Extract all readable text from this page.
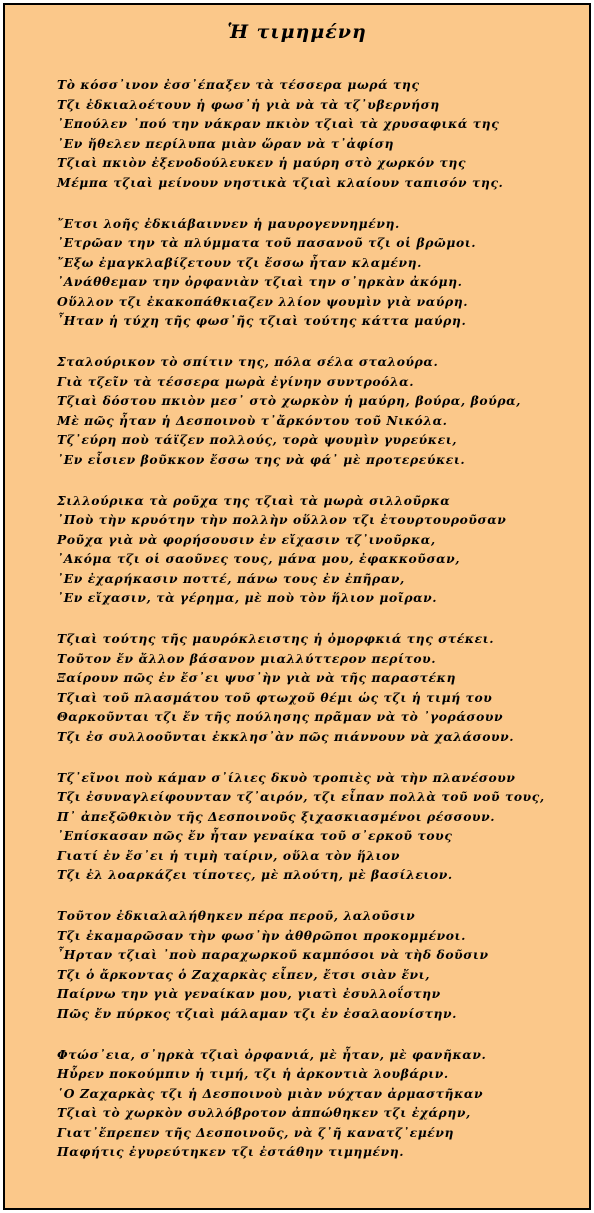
Ἡ τιμημένη
Τὸ κόσσ᾽ινον ἐσσ᾽έπαξεν τὰ τέσσερα μωρά της
Τζι ἐδκιαλοέτουν ἡ φωσ᾽ἡ γιὰ νὰ τὰ τζ᾽υβερνήση
᾽Επούλεν ᾽πού την νάκραν πκιὸν τζιαὶ τὰ χρυσαφικά της
᾽Εν ἤθελεν περίλυπα μιὰν ὥραν νὰ τ᾽ἀφίση
Τζιαὶ πκιὸν ἐξενοδούλευκεν ἡ μαύρη στὸ χωρκόν της
Μέμπα τζιαὶ μείνουν νηστικὰ τζιαὶ κλαίουν ταπισόν της.
῎Ετσι λοῆς ἐδκιάβαιννεν ἡ μαυρογεννημένη.
᾽Ετρῶαν την τὰ πλύμματα τοῦ πασανοῦ τζι οἱ βρῶμοι.
῎Εξω ἐμαγκλαβίζετουν τζι ἔσσω ἦταν κλαμένη.
᾽Ανάθθεμαν την ὀρφανιὰν τζιαὶ την σ᾽ηρκὰν ἀκόμη.
Οὕλλον τζι ἐκακοπάθκιαζεν λλίον ψουμὶν γιὰ ναύρη.
῏Ηταν ἡ τύχη τῆς φωσ᾽ῆς τζιαὶ τούτης κάττα μαύρη.
Σταλούρικον τὸ σπίτιν της, πόλα σέλα σταλούρα.
Γιὰ τζεῖν τὰ τέσσερα μωρὰ ἐγίνην συντροόλα.
Τζιαὶ δόστου πκιὸν μεσ᾽ στὸ χωρκὸν ἡ μαύρη, βούρα, βούρα,
Μὲ πῶς ἦταν ἡ Δεσποινοὺ τ᾽ἄρκόντου τοῦ Νικόλα.
Τζ᾽εύρη ποὺ τάϊζεν πολλούς, τορὰ ψουμὶν γυρεύκει,
᾽Εν εἶσιεν βοῦκκον ἔσσω της νὰ φά᾽ μὲ προτερεύκει.
Σιλλούρικα τὰ ροῦχα της τζιαὶ τὰ μωρὰ σιλλοῦρκα
᾽Ποὺ τὴν κρυότην τὴν πολλὴν οὕλλον τζι ἐτουρτουροῦσαν
Ροῦχα γιὰ νὰ φορήσουσιν ἐν εἴχασιν τζ᾽ινοῦρκα,
᾽Ακόμα τζι οἱ σαοῦνες τους, μάνα μου, ἐφακκοῦσαν,
᾽Εν ἐχαρήκασιν ποττέ, πάνω τους ἐν ἐπῆραν,
᾽Εν εἴχασιν, τὰ γέρημα, μὲ ποὺ τὸν ἥλιον μοῖραν.
Τζιαὶ τούτης τῆς μαυρόκλειστης ἡ ὀμορφκιά της στέκει.
Τοῦτον ἔν ἄλλον βάσανον μιαλλύττερον περίτου.
Ξαίρουν πῶς ἐν ἔσ᾽ει ψυσ᾽ὴν γιὰ νὰ τῆς παραστέκη
Τζιαὶ τοῦ πλασμάτου τοῦ φτωχοῦ θέμι ὡς τζι ἡ τιμή του
Θαρκοῦνται τζι ἔν τῆς πούλησης πρᾶμαν νὰ τὸ ᾽γοράσουν
Τζι ἐσ συλλοοῦνται ἐκκλησ᾽ὰν πῶς πιάννουν νὰ χαλάσουν.
Τζ᾽εῖνοι ποὺ κάμαν σ᾽ίλιες δκυὸ τροπιὲς νὰ τὴν πλανέσουν
Τζι ἐσυναγλείφουνταν τζ᾽αιρόν, τζι εἶπαν πολλὰ τοῦ νοῦ τους,
Π᾽ ἀπεξῶθκιὸν τῆς Δεσποινοῦς ξιχασκιασμένοι ρέσσουν.
᾽Επίσκασαν πῶς ἔν ἦταν γεναίκα τοῦ σ᾽ερκοῦ τους
Γιατί ἐν ἔσ᾽ει ἡ τιμὴ ταίριν, οὕλα τὸν ἥλιον
Τζι ἐλ λοαρκάζει τίποτες, μὲ πλούτη, μὲ βασίλειον.
Τοῦτον ἐδκιαλαλήθηκεν πέρα περοῦ, λαλοῦσιν
Τζι ἐκαμαρῶσαν τὴν φωσ᾽ὴν ἀθθρῶποι προκομμένοι.
῏Ηρταν τζιαὶ ᾽ποὺ παραχωρκοῦ καμπόσοι νὰ τὴδ δοῦσιν
Τζι ὁ ἄρκοντας ὁ Ζαχαρκὰς εἶπεν, ἔτσι σιὰν ἔνι,
Παίρνω την γιὰ γεναίκαν μου, γιατὶ ἐσυλλοΐστην
Πῶς ἔν πύρκος τζιαὶ μάλαμαν τζι ἐν ἐσαλαονίστην.
Φτώσ᾽εια, σ᾽ηρκὰ τζιαὶ ὀρφανιά, μὲ ἦταν, μὲ φανῆκαν.
Ηὗρεν ποκούμπιν ἡ τιμή, τζι ἡ ἀρκοντιὰ λουβάριν.
῾Ο Ζαχαρκὰς τζι ἡ Δεσποινοὺ μιὰν νύχταν ἀρμαστῆκαν
Τζιαὶ τὸ χωρκὸν συλλόβροτον ἀππώθηκεν τζι ἐχάρην,
Γιατ᾽ἔπρεπεν τῆς Δεσποινοῦς, νὰ ζ᾽ῆ κανατζ᾽εμένη
Παφήτις ἐγυρεύτηκεν τζι ἐστάθην τιμημένη.
